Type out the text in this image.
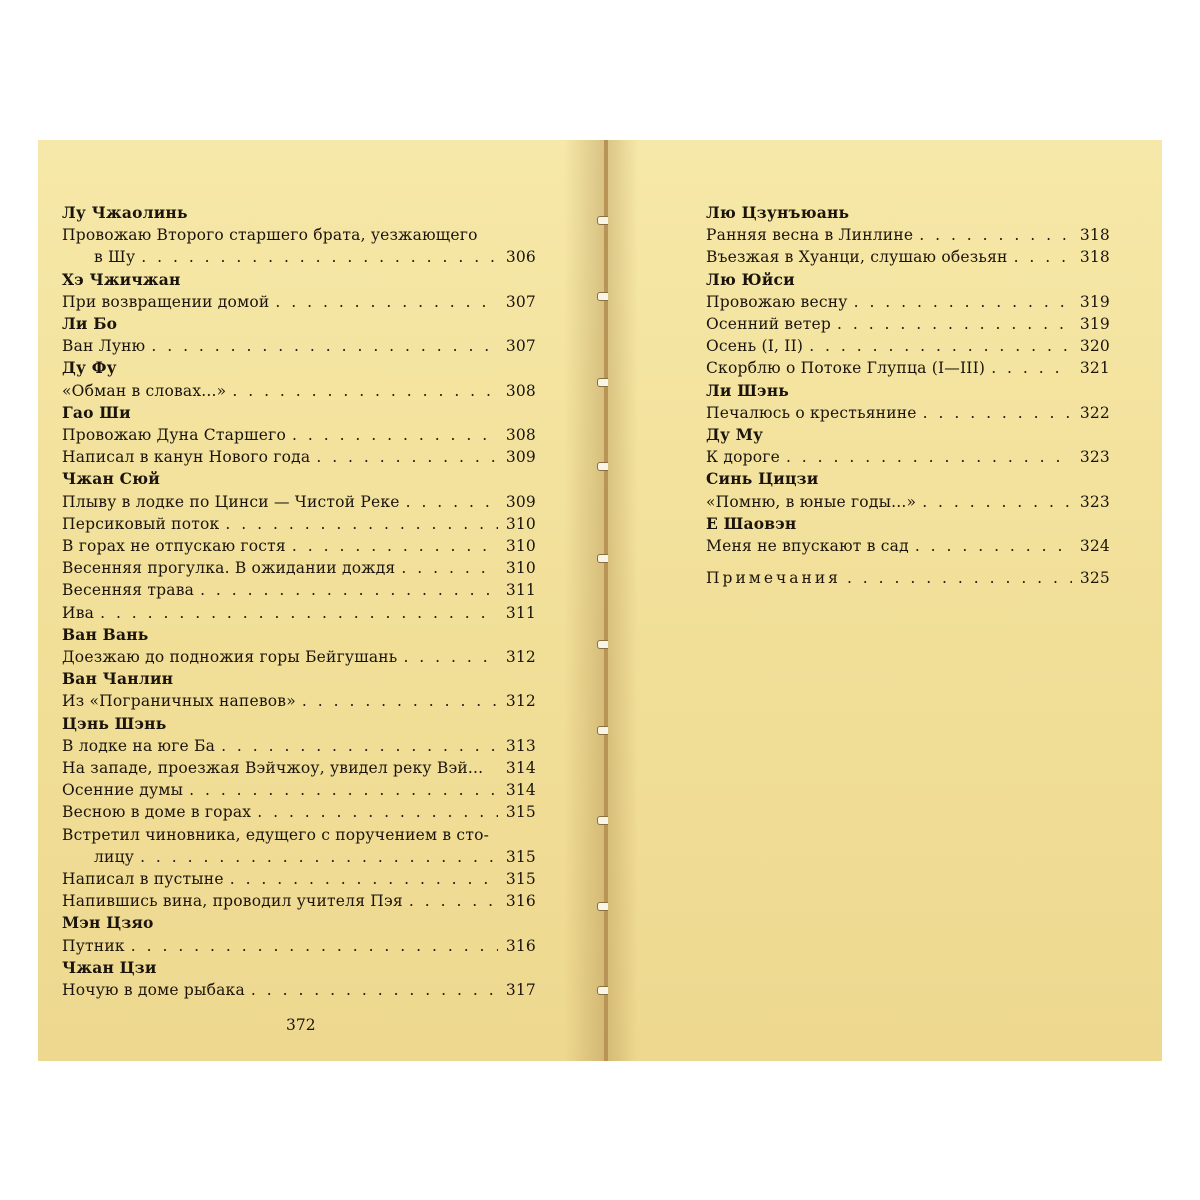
Лу Чжаолинь
Провожаю Второго старшего брата, уезжающего
в Шу . . .	306
Хэ Чжичжан
При возвращении домой . . .	307
Ли Бо
Ван Луню . . .	307
Ду Фу
«Обман в словах...» . . .	308
Гао Ши
Провожаю Дуна Старшего . . .	308
Написал в канун Нового года . . .	309
Чжан Сюй
Плыву в лодке по Цинси — Чистой Реке . . .	309
Персиковый поток . . .	310
В горах не отпускаю гостя . . .	310
Весенняя прогулка. В ожидании дождя . . .	310
Весенняя трава . . .	311
Ива . . .	311
Ван Вань
Доезжаю до подножия горы Бейгушань . . .	312
Ван Чанлин
Из «Пограничных напевов» . . .	312
Цэнь Шэнь
В лодке на юге Ба . . .	313
На западе, проезжая Вэйчжоу, увидел реку Вэй... 314
Осенние думы . . .	314
Весною в доме в горах . . .	315
Встретил чиновника, едущего с поручением в сто-
лицу . . .	315
Написал в пустыне . . .	315
Напившись вина, проводил учителя Пэя . . .	316
Мэн Цзяо
Путник . . .	316
Чжан Цзи
Ночую в доме рыбака . . .	317
372
Лю Цзунъюань
Ранняя весна в Линлине . . .	318
Въезжая в Хуанци, слушаю обезьян . . .	318
Лю Юйси
Провожаю весну . . .	319
Осенний ветер . . .	319
Осень (I, II) . . .	320
Скорблю о Потоке Глупца (I—III) . . .	321
Ли Шэнь
Печалюсь о крестьянине . . .	322
Ду Му
К дороге . . .	323
Синь Цицзи
«Помню, в юные годы...» . . .	323
Е Шаовэн
Меня не впускают в сад . . .	324
Примечания . . .	325
